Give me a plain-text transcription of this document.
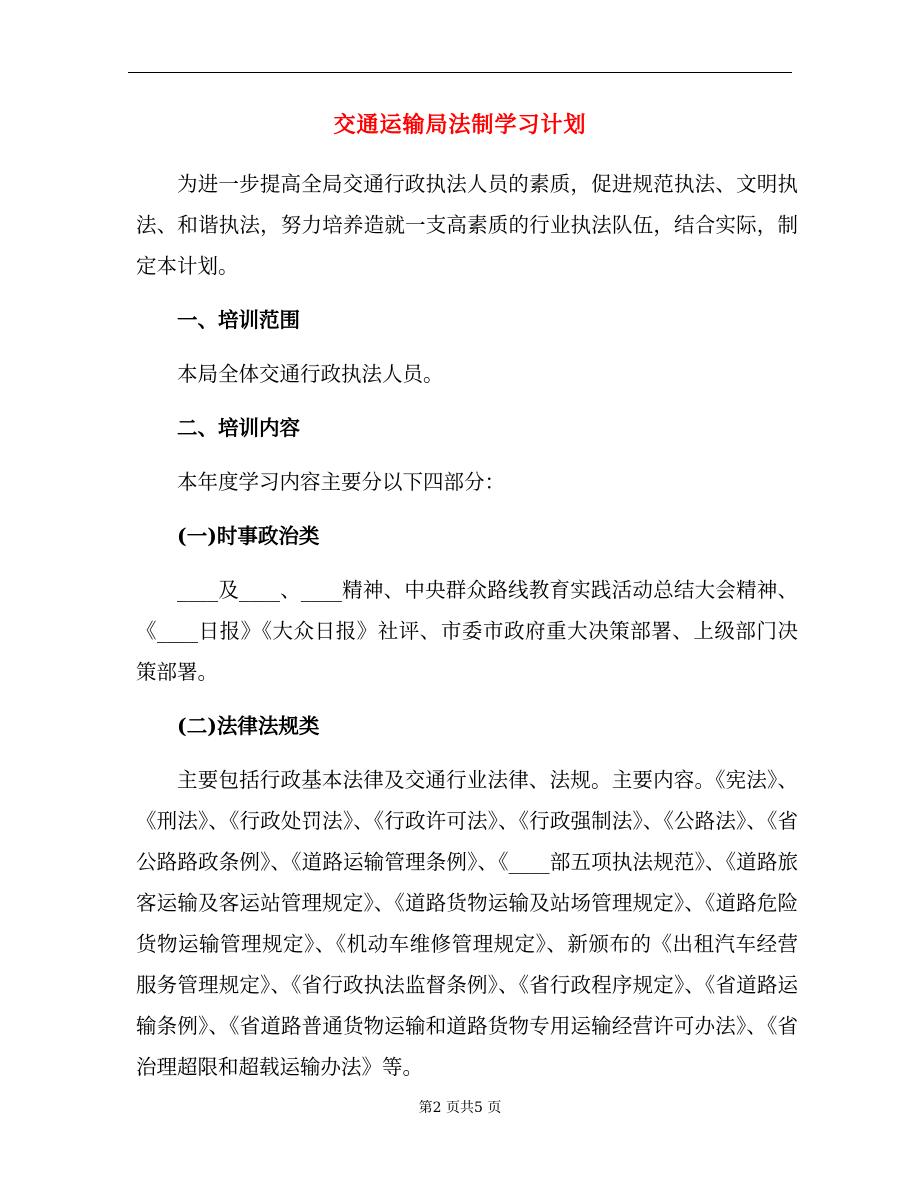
交通运输局法制学习计划

为进一步提高全局交通行政执法人员的素质，促进规范执法、文明执法、和谐执法，努力培养造就一支高素质的行业执法队伍，结合实际，制定本计划。

一、培训范围

本局全体交通行政执法人员。

二、培训内容

本年度学习内容主要分以下四部分：

(一)时事政治类

____及____、____精神、中央群众路线教育实践活动总结大会精神、《____日报》《大众日报》社评、市委市政府重大决策部署、上级部门决策部署。

(二)法律法规类

主要包括行政基本法律及交通行业法律、法规。主要内容。《宪法》、《刑法》、《行政处罚法》、《行政许可法》、《行政强制法》、《公路法》、《省公路路政条例》、《道路运输管理条例》、《____部五项执法规范》、《道路旅客运输及客运站管理规定》、《道路货物运输及站场管理规定》、《道路危险货物运输管理规定》、《机动车维修管理规定》、新颁布的《出租汽车经营服务管理规定》、《省行政执法监督条例》、《省行政程序规定》、《省道路运输条例》、《省道路普通货物运输和道路货物专用运输经营许可办法》、《省治理超限和超载运输办法》等。

第2 页共5 页
